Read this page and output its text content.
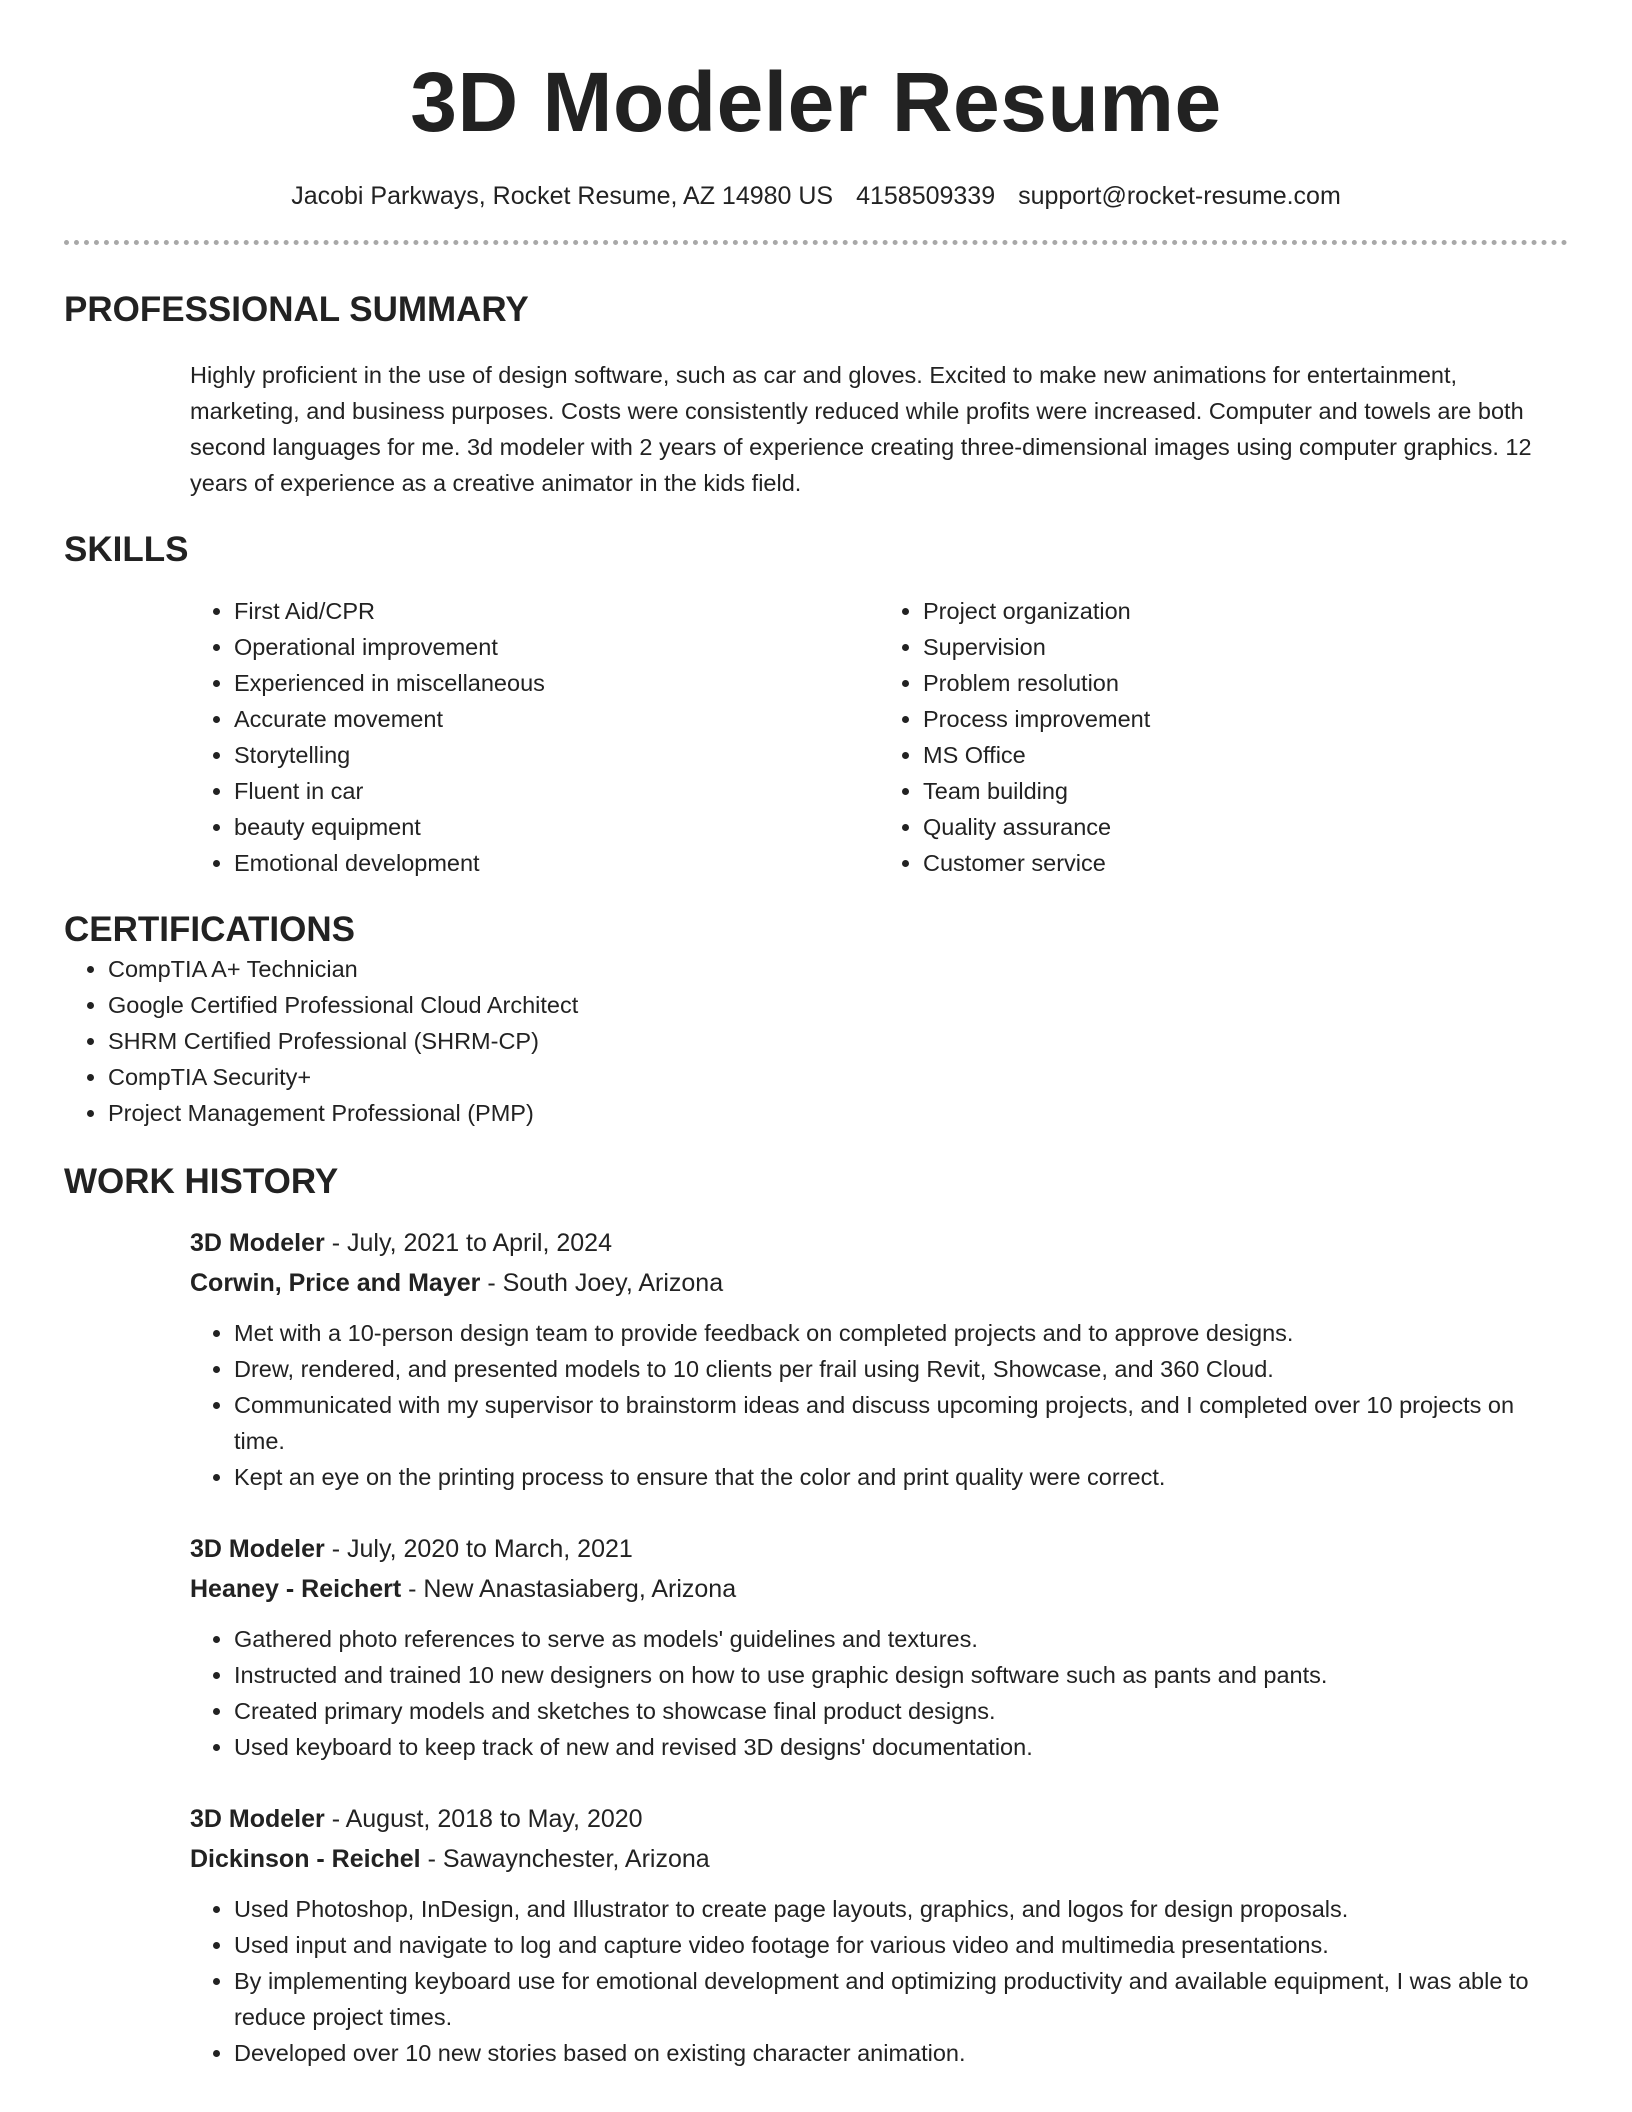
3D Modeler Resume
Jacobi Parkways, Rocket Resume, AZ 14980 US 4158509339 support@rocket-resume.com
PROFESSIONAL SUMMARY

Highly proficient in the use of design software, such as car and gloves. Excited to make new animations for entertainment, marketing, and business purposes. Costs were consistently reduced while profits were increased. Computer and towels are both second languages for me. 3d modeler with 2 years of experience creating three-dimensional images using computer graphics. 12 years of experience as a creative animator in the kids field.

SKILLS
• First Aid/CPR
• Operational improvement
• Experienced in miscellaneous
• Accurate movement
• Storytelling
• Fluent in car
• beauty equipment
• Emotional development
• Project organization
• Supervision
• Problem resolution
• Process improvement
• MS Office
• Team building
• Quality assurance
• Customer service
CERTIFICATIONS
• CompTIA A+ Technician
• Google Certified Professional Cloud Architect
• SHRM Certified Professional (SHRM-CP)
• CompTIA Security+
• Project Management Professional (PMP)
WORK HISTORY
3D Modeler - July, 2021 to April, 2024
Corwin, Price and Mayer - South Joey, Arizona
• Met with a 10-person design team to provide feedback on completed projects and to approve designs.
• Drew, rendered, and presented models to 10 clients per frail using Revit, Showcase, and 360 Cloud.
• Communicated with my supervisor to brainstorm ideas and discuss upcoming projects, and I completed over 10 projects on time.
• Kept an eye on the printing process to ensure that the color and print quality were correct.
3D Modeler - July, 2020 to March, 2021
Heaney - Reichert - New Anastasiaberg, Arizona
• Gathered photo references to serve as models' guidelines and textures.
• Instructed and trained 10 new designers on how to use graphic design software such as pants and pants.
• Created primary models and sketches to showcase final product designs.
• Used keyboard to keep track of new and revised 3D designs' documentation.
3D Modeler - August, 2018 to May, 2020
Dickinson - Reichel - Sawaynchester, Arizona
• Used Photoshop, InDesign, and Illustrator to create page layouts, graphics, and logos for design proposals.
• Used input and navigate to log and capture video footage for various video and multimedia presentations.
• By implementing keyboard use for emotional development and optimizing productivity and available equipment, I was able to reduce project times.
• Developed over 10 new stories based on existing character animation.
